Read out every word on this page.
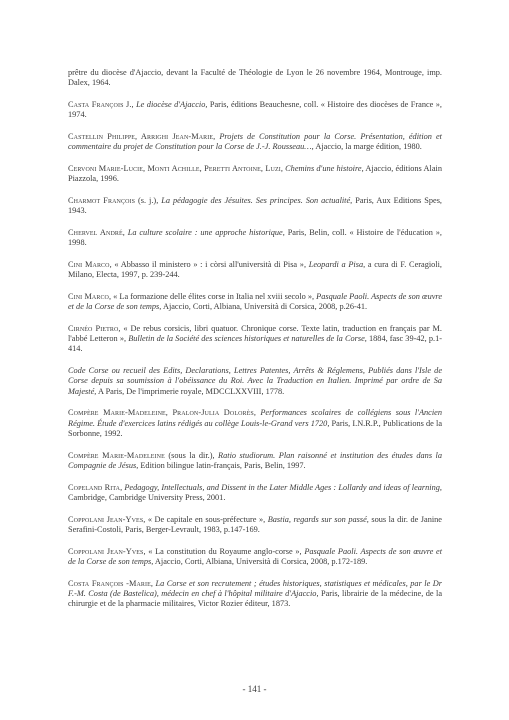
prêtre du diocèse d'Ajaccio, devant la Faculté de Théologie de Lyon le 26 novembre 1964, Montrouge, imp. Dalex, 1964.

Casta François J., Le diocèse d'Ajaccio, Paris, éditions Beauchesne, coll. « Histoire des diocèses de France », 1974.

Castellin Philippe, Arrighi Jean-Marie, Projets de Constitution pour la Corse. Présentation, édition et commentaire du projet de Constitution pour la Corse de J.-J. Rousseau…, Ajaccio, la marge édition, 1980.

Cervoni Marie-Lucie, Monti Achille, Peretti Antoine, Luzi, Chemins d'une histoire, Ajaccio, éditions Alain Piazzola, 1996.

Charmot François (s. j.), La pédagogie des Jésuites. Ses principes. Son actualité, Paris, Aux Editions Spes, 1943.

Chervel André, La culture scolaire : une approche historique, Paris, Belin, coll. « Histoire de l'éducation », 1998.

Cini Marco, « Abbasso il ministero » : i còrsi all'università di Pisa », Leopardi a Pisa, a cura di F. Ceragioli, Milano, Electa, 1997, p. 239-244.

Cini Marco, « La formazione delle élites corse in Italia nel xviii secolo », Pasquale Paoli. Aspects de son œuvre et de la Corse de son temps, Ajaccio, Corti, Albiana, Università di Corsica, 2008, p.26-41.

Cirnéo Pietro, « De rebus corsicis, libri quatuor. Chronique corse. Texte latin, traduction en français par M. l'abbé Letteron », Bulletin de la Société des sciences historiques et naturelles de la Corse, 1884, fasc 39-42, p.1-414.

Code Corse ou recueil des Edits, Declarations, Lettres Patentes, Arrêts & Réglemens, Publiés dans l'Isle de Corse depuis sa soumission à l'obéissance du Roi. Avec la Traduction en Italien. Imprimé par ordre de Sa Majesté, A Paris, De l'imprimerie royale, MDCCLXXVIII, 1778.

Compère Marie-Madeleine, Pralon-Julia Dolorès, Performances scolaires de collégiens sous l'Ancien Régime. Étude d'exercices latins rédigés au collège Louis-le-Grand vers 1720, Paris, I.N.R.P., Publications de la Sorbonne, 1992.

Compère Marie-Madeleine (sous la dir.), Ratio studiorum. Plan raisonné et institution des études dans la Compagnie de Jésus, Edition bilingue latin-français, Paris, Belin, 1997.

Copeland Rita, Pedagogy, Intellectuals, and Dissent in the Later Middle Ages : Lollardy and ideas of learning, Cambridge, Cambridge University Press, 2001.

Coppolani Jean-Yves, « De capitale en sous-préfecture », Bastia, regards sur son passé, sous la dir. de Janine Serafini-Costoli, Paris, Berger-Levrault, 1983, p.147-169.

Coppolani Jean-Yves, « La constitution du Royaume anglo-corse », Pasquale Paoli. Aspects de son œuvre et de la Corse de son temps, Ajaccio, Corti, Albiana, Università di Corsica, 2008, p.172-189.

Costa François -Marie, La Corse et son recrutement ; études historiques, statistiques et médicales, par le Dr F.-M. Costa (de Bastelica), médecin en chef à l'hôpital militaire d'Ajaccio, Paris, librairie de la médecine, de la chirurgie et de la pharmacie militaires, Victor Rozier éditeur, 1873.

- 141 -
